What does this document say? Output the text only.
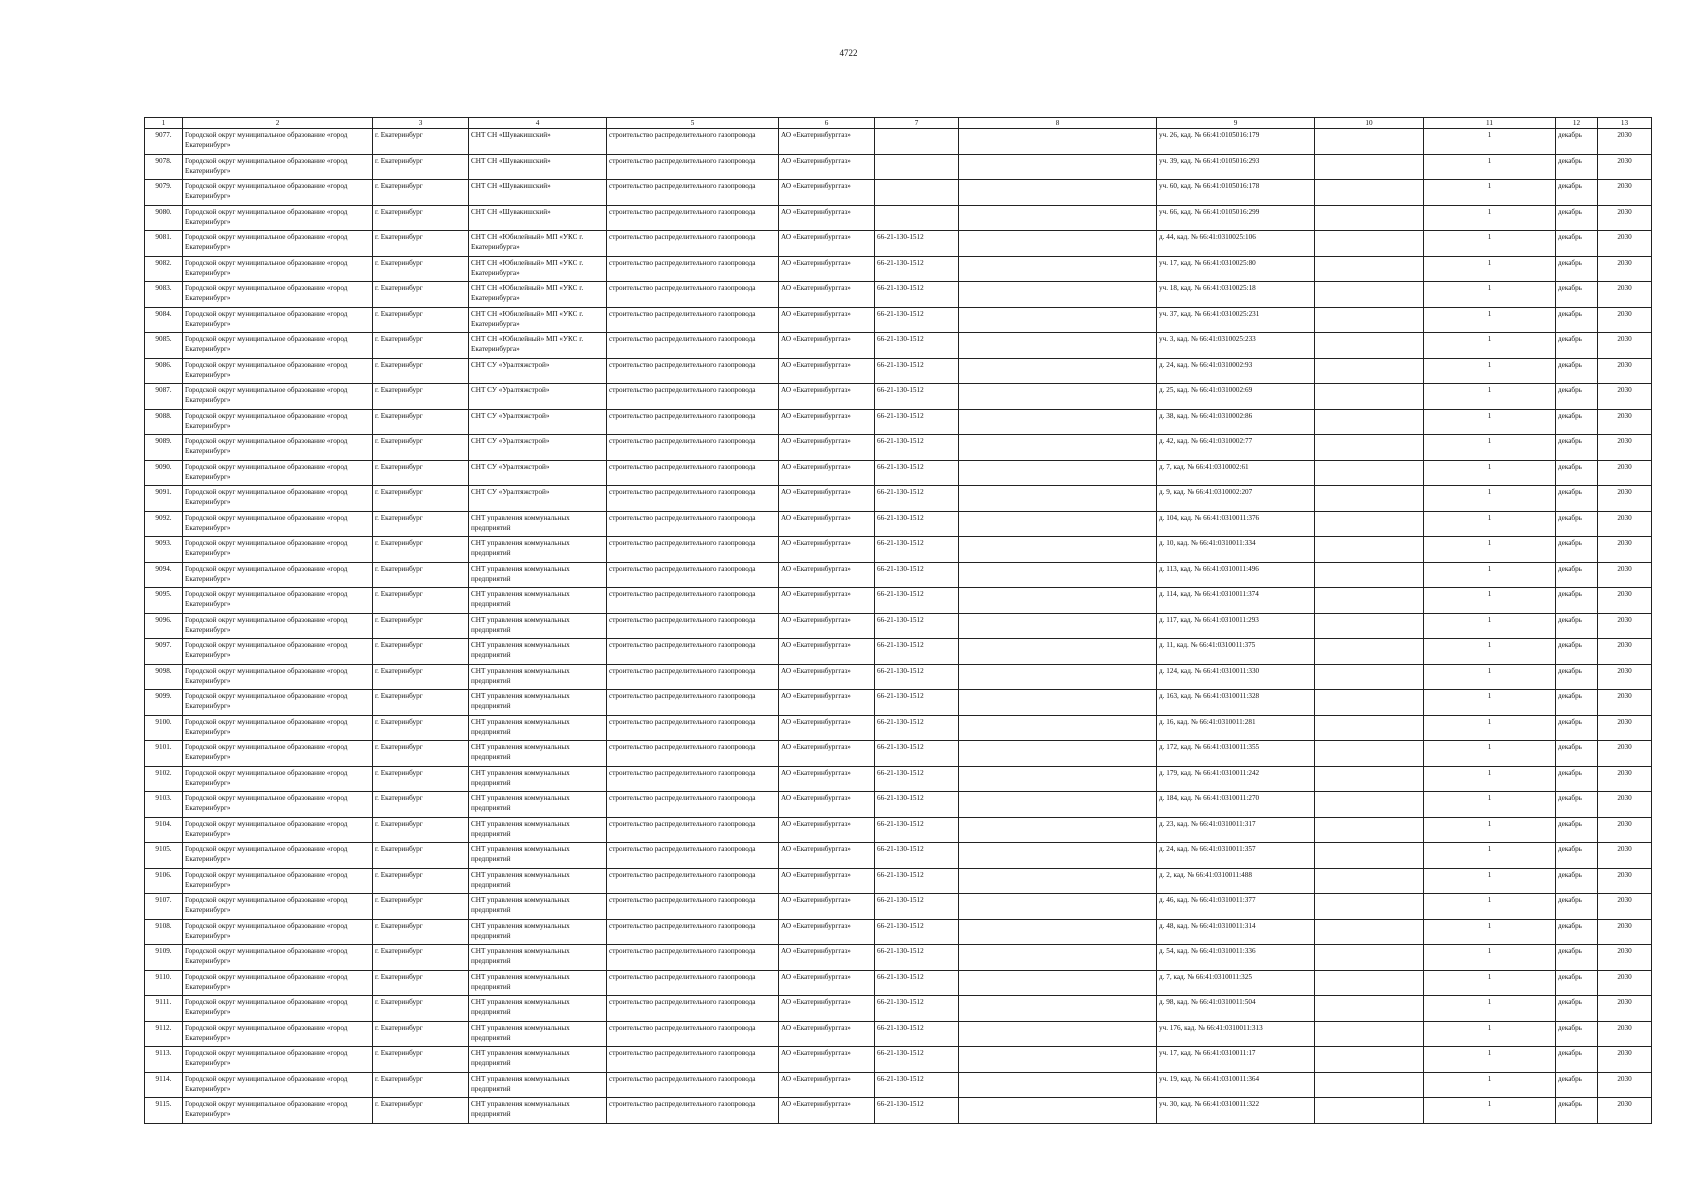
4722
1	2	3	4	5	6	7	8	9	10	11	12	13
9077.	Городской округ муниципальное образование «город Екатеринбург»	г. Екатеринбург	СНТ СН «Шувакишский»	строительство распределительного газопровода	АО «Екатеринбурггаз»			уч. 26, кад. № 66:41:0105016:179		1	декабрь	2030
9078.	Городской округ муниципальное образование «город Екатеринбург»	г. Екатеринбург	СНТ СН «Шувакишский»	строительство распределительного газопровода	АО «Екатеринбурггаз»			уч. 39, кад. № 66:41:0105016:293		1	декабрь	2030
9079.	Городской округ муниципальное образование «город Екатеринбург»	г. Екатеринбург	СНТ СН «Шувакишский»	строительство распределительного газопровода	АО «Екатеринбурггаз»			уч. 60, кад. № 66:41:0105016:178		1	декабрь	2030
9080.	Городской округ муниципальное образование «город Екатеринбург»	г. Екатеринбург	СНТ СН «Шувакишский»	строительство распределительного газопровода	АО «Екатеринбурггаз»			уч. 66, кад. № 66:41:0105016:299		1	декабрь	2030
9081.	Городской округ муниципальное образование «город Екатеринбург»	г. Екатеринбург	СНТ СН «Юбилейный» МП «УКС г. Екатеринбурга»	строительство распределительного газопровода	АО «Екатеринбурггаз»	66-21-130-1512		д. 44, кад. № 66:41:0310025:106		1	декабрь	2030
9082.	Городской округ муниципальное образование «город Екатеринбург»	г. Екатеринбург	СНТ СН «Юбилейный» МП «УКС г. Екатеринбурга»	строительство распределительного газопровода	АО «Екатеринбурггаз»	66-21-130-1512		уч. 17, кад. № 66:41:0310025:80		1	декабрь	2030
9083.	Городской округ муниципальное образование «город Екатеринбург»	г. Екатеринбург	СНТ СН «Юбилейный» МП «УКС г. Екатеринбурга»	строительство распределительного газопровода	АО «Екатеринбурггаз»	66-21-130-1512		уч. 18, кад. № 66:41:0310025:18		1	декабрь	2030
9084.	Городской округ муниципальное образование «город Екатеринбург»	г. Екатеринбург	СНТ СН «Юбилейный» МП «УКС г. Екатеринбурга»	строительство распределительного газопровода	АО «Екатеринбурггаз»	66-21-130-1512		уч. 37, кад. № 66:41:0310025:231		1	декабрь	2030
9085.	Городской округ муниципальное образование «город Екатеринбург»	г. Екатеринбург	СНТ СН «Юбилейный» МП «УКС г. Екатеринбурга»	строительство распределительного газопровода	АО «Екатеринбурггаз»	66-21-130-1512		уч. 3, кад. № 66:41:0310025:233		1	декабрь	2030
9086.	Городской округ муниципальное образование «город Екатеринбург»	г. Екатеринбург	СНТ СУ «Уралтяжстрой»	строительство распределительного газопровода	АО «Екатеринбурггаз»	66-21-130-1512		д. 24, кад. № 66:41:0310002:93		1	декабрь	2030
9087.	Городской округ муниципальное образование «город Екатеринбург»	г. Екатеринбург	СНТ СУ «Уралтяжстрой»	строительство распределительного газопровода	АО «Екатеринбурггаз»	66-21-130-1512		д. 25, кад. № 66:41:0310002:69		1	декабрь	2030
9088.	Городской округ муниципальное образование «город Екатеринбург»	г. Екатеринбург	СНТ СУ «Уралтяжстрой»	строительство распределительного газопровода	АО «Екатеринбурггаз»	66-21-130-1512		д. 38, кад. № 66:41:0310002:86		1	декабрь	2030
9089.	Городской округ муниципальное образование «город Екатеринбург»	г. Екатеринбург	СНТ СУ «Уралтяжстрой»	строительство распределительного газопровода	АО «Екатеринбурггаз»	66-21-130-1512		д. 42, кад. № 66:41:0310002:77		1	декабрь	2030
9090.	Городской округ муниципальное образование «город Екатеринбург»	г. Екатеринбург	СНТ СУ «Уралтяжстрой»	строительство распределительного газопровода	АО «Екатеринбурггаз»	66-21-130-1512		д. 7, кад. № 66:41:0310002:61		1	декабрь	2030
9091.	Городской округ муниципальное образование «город Екатеринбург»	г. Екатеринбург	СНТ СУ «Уралтяжстрой»	строительство распределительного газопровода	АО «Екатеринбурггаз»	66-21-130-1512		д. 9, кад. № 66:41:0310002:207		1	декабрь	2030
9092.	Городской округ муниципальное образование «город Екатеринбург»	г. Екатеринбург	СНТ управления коммунальных предприятий	строительство распределительного газопровода	АО «Екатеринбурггаз»	66-21-130-1512		д. 104, кад. № 66:41:0310011:376		1	декабрь	2030
9093.	Городской округ муниципальное образование «город Екатеринбург»	г. Екатеринбург	СНТ управления коммунальных предприятий	строительство распределительного газопровода	АО «Екатеринбурггаз»	66-21-130-1512		д. 10, кад. № 66:41:0310011:334		1	декабрь	2030
9094.	Городской округ муниципальное образование «город Екатеринбург»	г. Екатеринбург	СНТ управления коммунальных предприятий	строительство распределительного газопровода	АО «Екатеринбурггаз»	66-21-130-1512		д. 113, кад. № 66:41:0310011:496		1	декабрь	2030
9095.	Городской округ муниципальное образование «город Екатеринбург»	г. Екатеринбург	СНТ управления коммунальных предприятий	строительство распределительного газопровода	АО «Екатеринбурггаз»	66-21-130-1512		д. 114, кад. № 66:41:0310011:374		1	декабрь	2030
9096.	Городской округ муниципальное образование «город Екатеринбург»	г. Екатеринбург	СНТ управления коммунальных предприятий	строительство распределительного газопровода	АО «Екатеринбурггаз»	66-21-130-1512		д. 117, кад. № 66:41:0310011:293		1	декабрь	2030
9097.	Городской округ муниципальное образование «город Екатеринбург»	г. Екатеринбург	СНТ управления коммунальных предприятий	строительство распределительного газопровода	АО «Екатеринбурггаз»	66-21-130-1512		д. 11, кад. № 66:41:0310011:375		1	декабрь	2030
9098.	Городской округ муниципальное образование «город Екатеринбург»	г. Екатеринбург	СНТ управления коммунальных предприятий	строительство распределительного газопровода	АО «Екатеринбурггаз»	66-21-130-1512		д. 124, кад. № 66:41:0310011:330		1	декабрь	2030
9099.	Городской округ муниципальное образование «город Екатеринбург»	г. Екатеринбург	СНТ управления коммунальных предприятий	строительство распределительного газопровода	АО «Екатеринбурггаз»	66-21-130-1512		д. 163, кад. № 66:41:0310011:328		1	декабрь	2030
9100.	Городской округ муниципальное образование «город Екатеринбург»	г. Екатеринбург	СНТ управления коммунальных предприятий	строительство распределительного газопровода	АО «Екатеринбурггаз»	66-21-130-1512		д. 16, кад. № 66:41:0310011:281		1	декабрь	2030
9101.	Городской округ муниципальное образование «город Екатеринбург»	г. Екатеринбург	СНТ управления коммунальных предприятий	строительство распределительного газопровода	АО «Екатеринбурггаз»	66-21-130-1512		д. 172, кад. № 66:41:0310011:355		1	декабрь	2030
9102.	Городской округ муниципальное образование «город Екатеринбург»	г. Екатеринбург	СНТ управления коммунальных предприятий	строительство распределительного газопровода	АО «Екатеринбурггаз»	66-21-130-1512		д. 179, кад. № 66:41:0310011:242		1	декабрь	2030
9103.	Городской округ муниципальное образование «город Екатеринбург»	г. Екатеринбург	СНТ управления коммунальных предприятий	строительство распределительного газопровода	АО «Екатеринбурггаз»	66-21-130-1512		д. 184, кад. № 66:41:0310011:270		1	декабрь	2030
9104.	Городской округ муниципальное образование «город Екатеринбург»	г. Екатеринбург	СНТ управления коммунальных предприятий	строительство распределительного газопровода	АО «Екатеринбурггаз»	66-21-130-1512		д. 23, кад. № 66:41:0310011:317		1	декабрь	2030
9105.	Городской округ муниципальное образование «город Екатеринбург»	г. Екатеринбург	СНТ управления коммунальных предприятий	строительство распределительного газопровода	АО «Екатеринбурггаз»	66-21-130-1512		д. 24, кад. № 66:41:0310011:357		1	декабрь	2030
9106.	Городской округ муниципальное образование «город Екатеринбург»	г. Екатеринбург	СНТ управления коммунальных предприятий	строительство распределительного газопровода	АО «Екатеринбурггаз»	66-21-130-1512		д. 2, кад. № 66:41:0310011:488		1	декабрь	2030
9107.	Городской округ муниципальное образование «город Екатеринбург»	г. Екатеринбург	СНТ управления коммунальных предприятий	строительство распределительного газопровода	АО «Екатеринбурггаз»	66-21-130-1512		д. 46, кад. № 66:41:0310011:377		1	декабрь	2030
9108.	Городской округ муниципальное образование «город Екатеринбург»	г. Екатеринбург	СНТ управления коммунальных предприятий	строительство распределительного газопровода	АО «Екатеринбурггаз»	66-21-130-1512		д. 48, кад. № 66:41:0310011:314		1	декабрь	2030
9109.	Городской округ муниципальное образование «город Екатеринбург»	г. Екатеринбург	СНТ управления коммунальных предприятий	строительство распределительного газопровода	АО «Екатеринбурггаз»	66-21-130-1512		д. 54, кад. № 66:41:0310011:336		1	декабрь	2030
9110.	Городской округ муниципальное образование «город Екатеринбург»	г. Екатеринбург	СНТ управления коммунальных предприятий	строительство распределительного газопровода	АО «Екатеринбурггаз»	66-21-130-1512		д. 7, кад. № 66:41:0310011:325		1	декабрь	2030
9111.	Городской округ муниципальное образование «город Екатеринбург»	г. Екатеринбург	СНТ управления коммунальных предприятий	строительство распределительного газопровода	АО «Екатеринбурггаз»	66-21-130-1512		д. 98, кад. № 66:41:0310011:504		1	декабрь	2030
9112.	Городской округ муниципальное образование «город Екатеринбург»	г. Екатеринбург	СНТ управления коммунальных предприятий	строительство распределительного газопровода	АО «Екатеринбурггаз»	66-21-130-1512		уч. 176, кад. № 66:41:0310011:313		1	декабрь	2030
9113.	Городской округ муниципальное образование «город Екатеринбург»	г. Екатеринбург	СНТ управления коммунальных предприятий	строительство распределительного газопровода	АО «Екатеринбурггаз»	66-21-130-1512		уч. 17, кад. № 66:41:0310011:17		1	декабрь	2030
9114.	Городской округ муниципальное образование «город Екатеринбург»	г. Екатеринбург	СНТ управления коммунальных предприятий	строительство распределительного газопровода	АО «Екатеринбурггаз»	66-21-130-1512		уч. 19, кад. № 66:41:0310011:364		1	декабрь	2030
9115.	Городской округ муниципальное образование «город Екатеринбург»	г. Екатеринбург	СНТ управления коммунальных предприятий	строительство распределительного газопровода	АО «Екатеринбурггаз»	66-21-130-1512		уч. 30, кад. № 66:41:0310011:322		1	декабрь	2030
